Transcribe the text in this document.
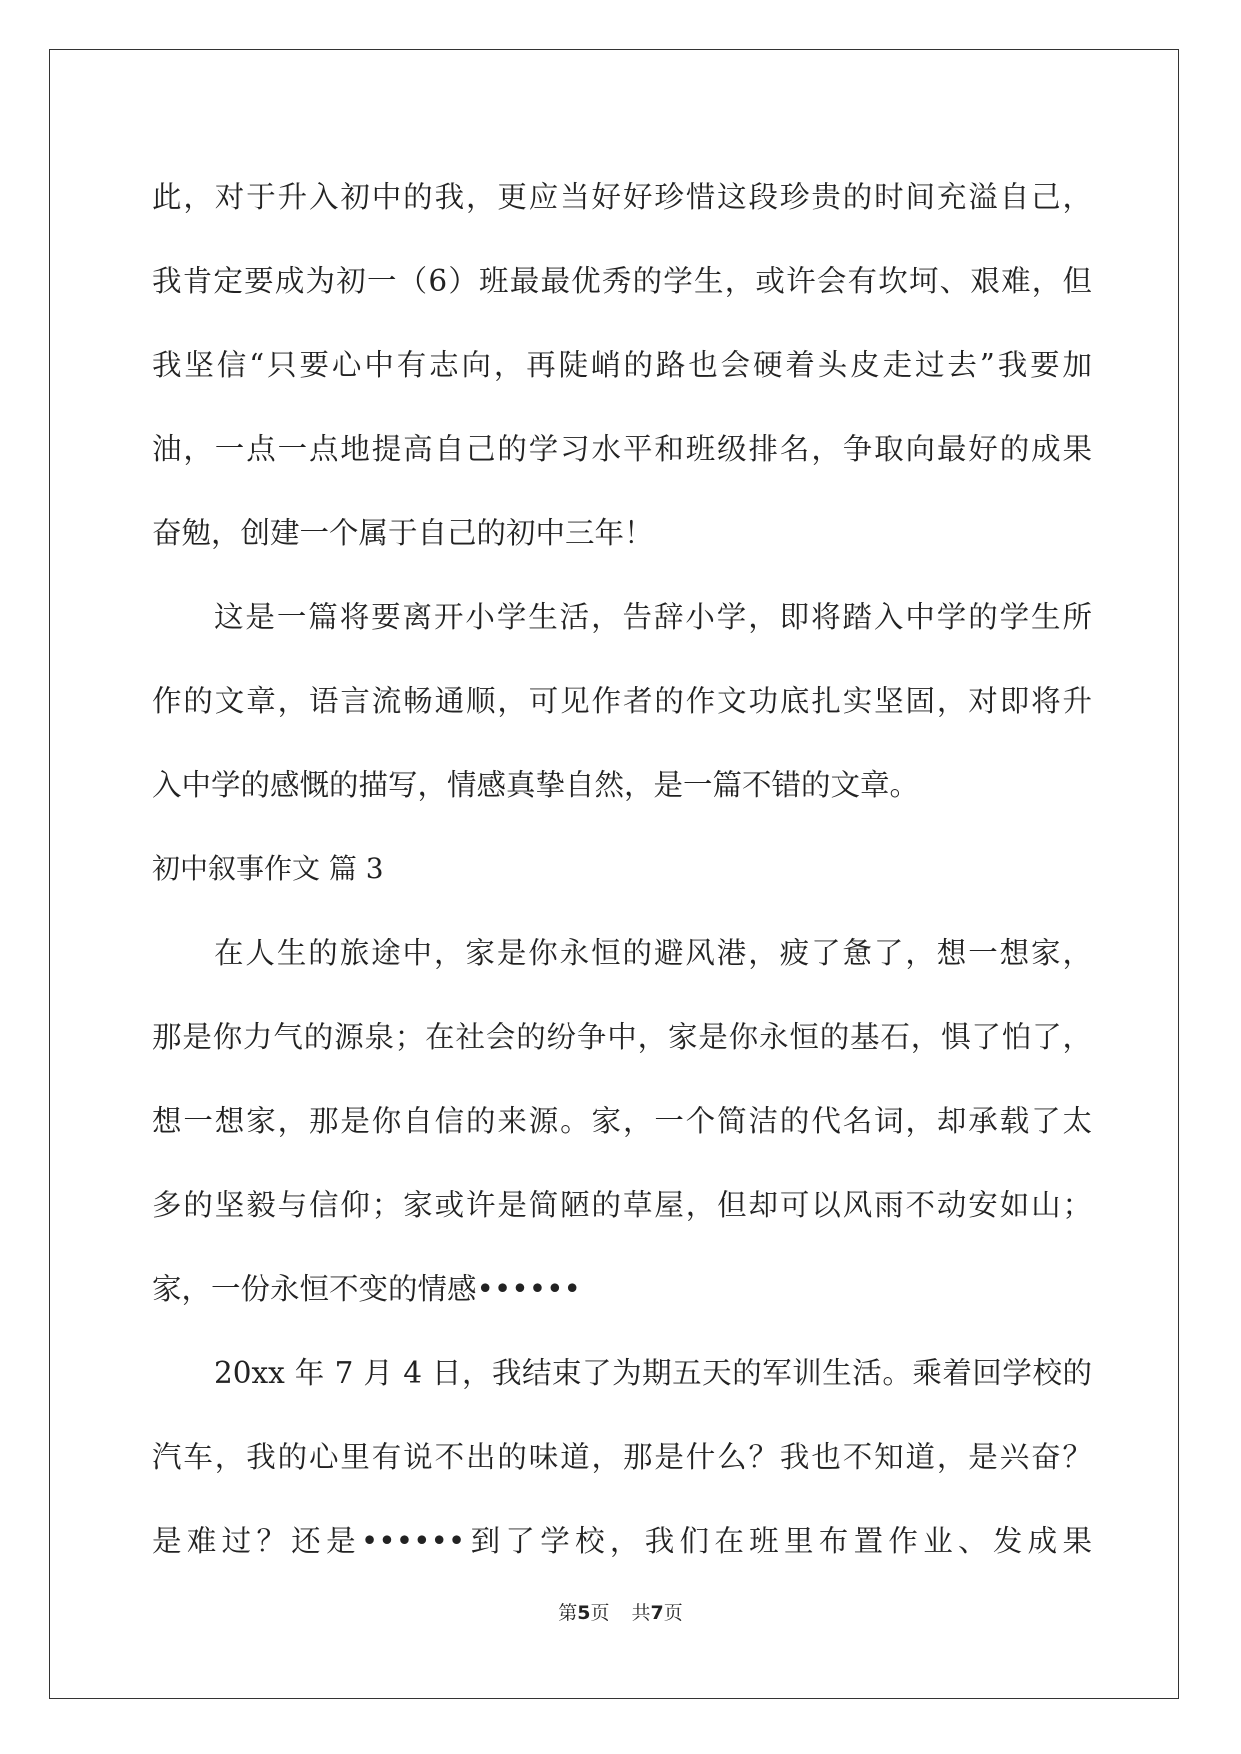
此，对于升入初中的我，更应当好好珍惜这段珍贵的时间充溢自己，
我肯定要成为初一（6）班最最优秀的学生，或许会有坎坷、艰难，但
我坚信“只要心中有志向，再陡峭的路也会硬着头皮走过去”我要加
油，一点一点地提高自己的学习水平和班级排名，争取向最好的成果
奋勉，创建一个属于自己的初中三年！
这是一篇将要离开小学生活，告辞小学，即将踏入中学的学生所
作的文章，语言流畅通顺，可见作者的作文功底扎实坚固，对即将升
入中学的感慨的描写，情感真挚自然，是一篇不错的文章。
初中叙事作文 篇 3
在人生的旅途中，家是你永恒的避风港，疲了惫了，想一想家，
那是你力气的源泉；在社会的纷争中，家是你永恒的基石，惧了怕了，
想一想家，那是你自信的来源。家，一个简洁的代名词，却承载了太
多的坚毅与信仰；家或许是简陋的草屋，但却可以风雨不动安如山；
家，一份永恒不变的情感••••••
20xx 年 7 月 4 日，我结束了为期五天的军训生活。乘着回学校的
汽车，我的心里有说不出的味道，那是什么？我也不知道，是兴奋？
是难过？还是••••••到了学校，我们在班里布置作业、发成果
第5页 共7页
